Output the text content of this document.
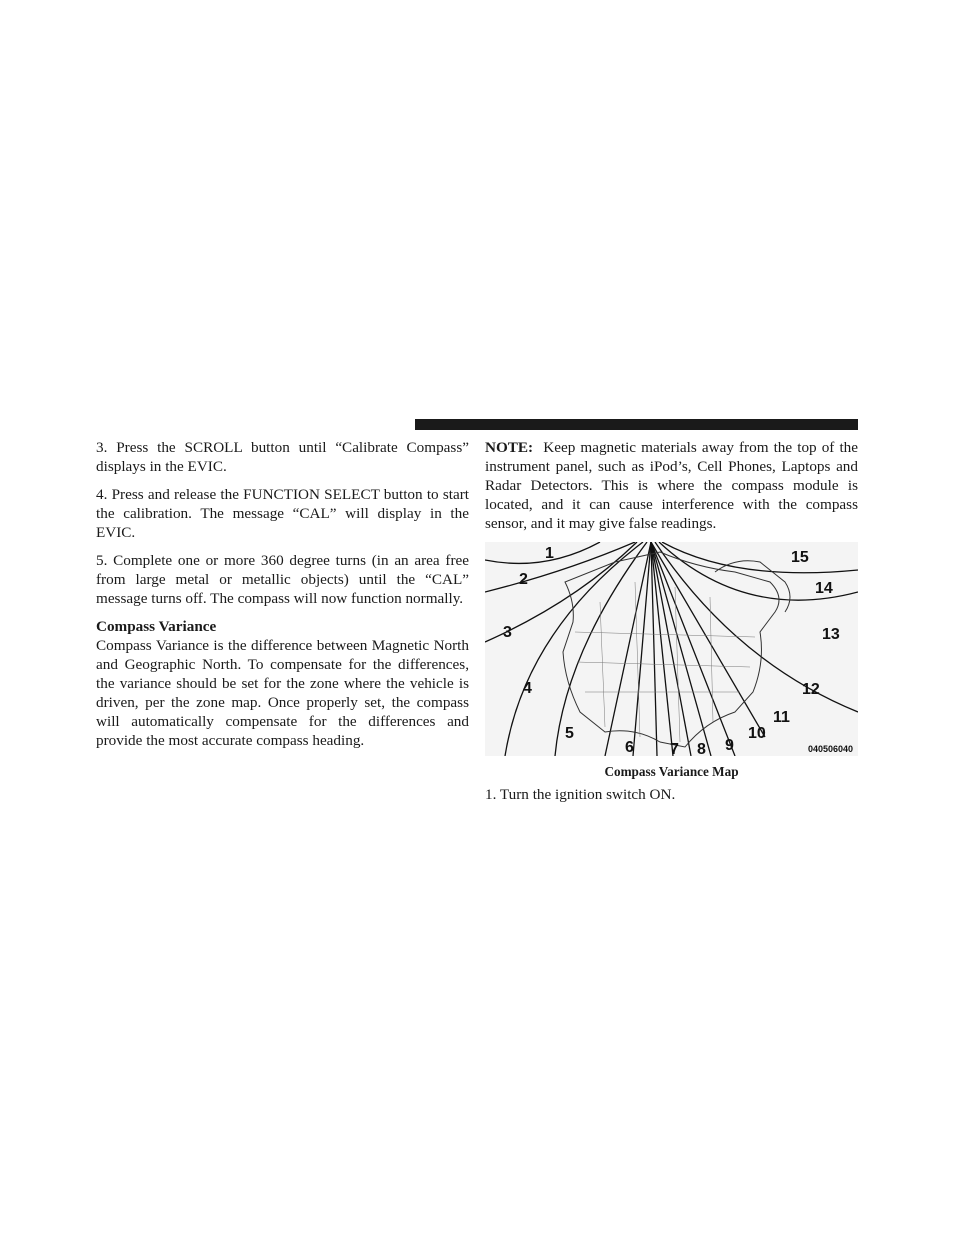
3. Press the SCROLL button until “Calibrate Compass” displays in the EVIC.

4. Press and release the FUNCTION SELECT button to start the calibration. The message “CAL” will display in the EVIC.

5. Complete one or more 360 degree turns (in an area free from large metal or metallic objects) until the “CAL” message turns off. The compass will now function normally.

Compass Variance

Compass Variance is the difference between Magnetic North and Geographic North. To compensate for the differences, the variance should be set for the zone where the vehicle is driven, per the zone map. Once properly set, the compass will automatically compensate for the differences and provide the most accurate compass heading.

NOTE: Keep magnetic materials away from the top of the instrument panel, such as iPod’s, Cell Phones, Laptops and Radar Detectors. This is where the compass module is located, and it can cause interference with the compass sensor, and it may give false readings.

1
2
3
4
5
6 7 8 9
10
11
12
13
14
15
040506040
Compass Variance Map

1. Turn the ignition switch ON.
